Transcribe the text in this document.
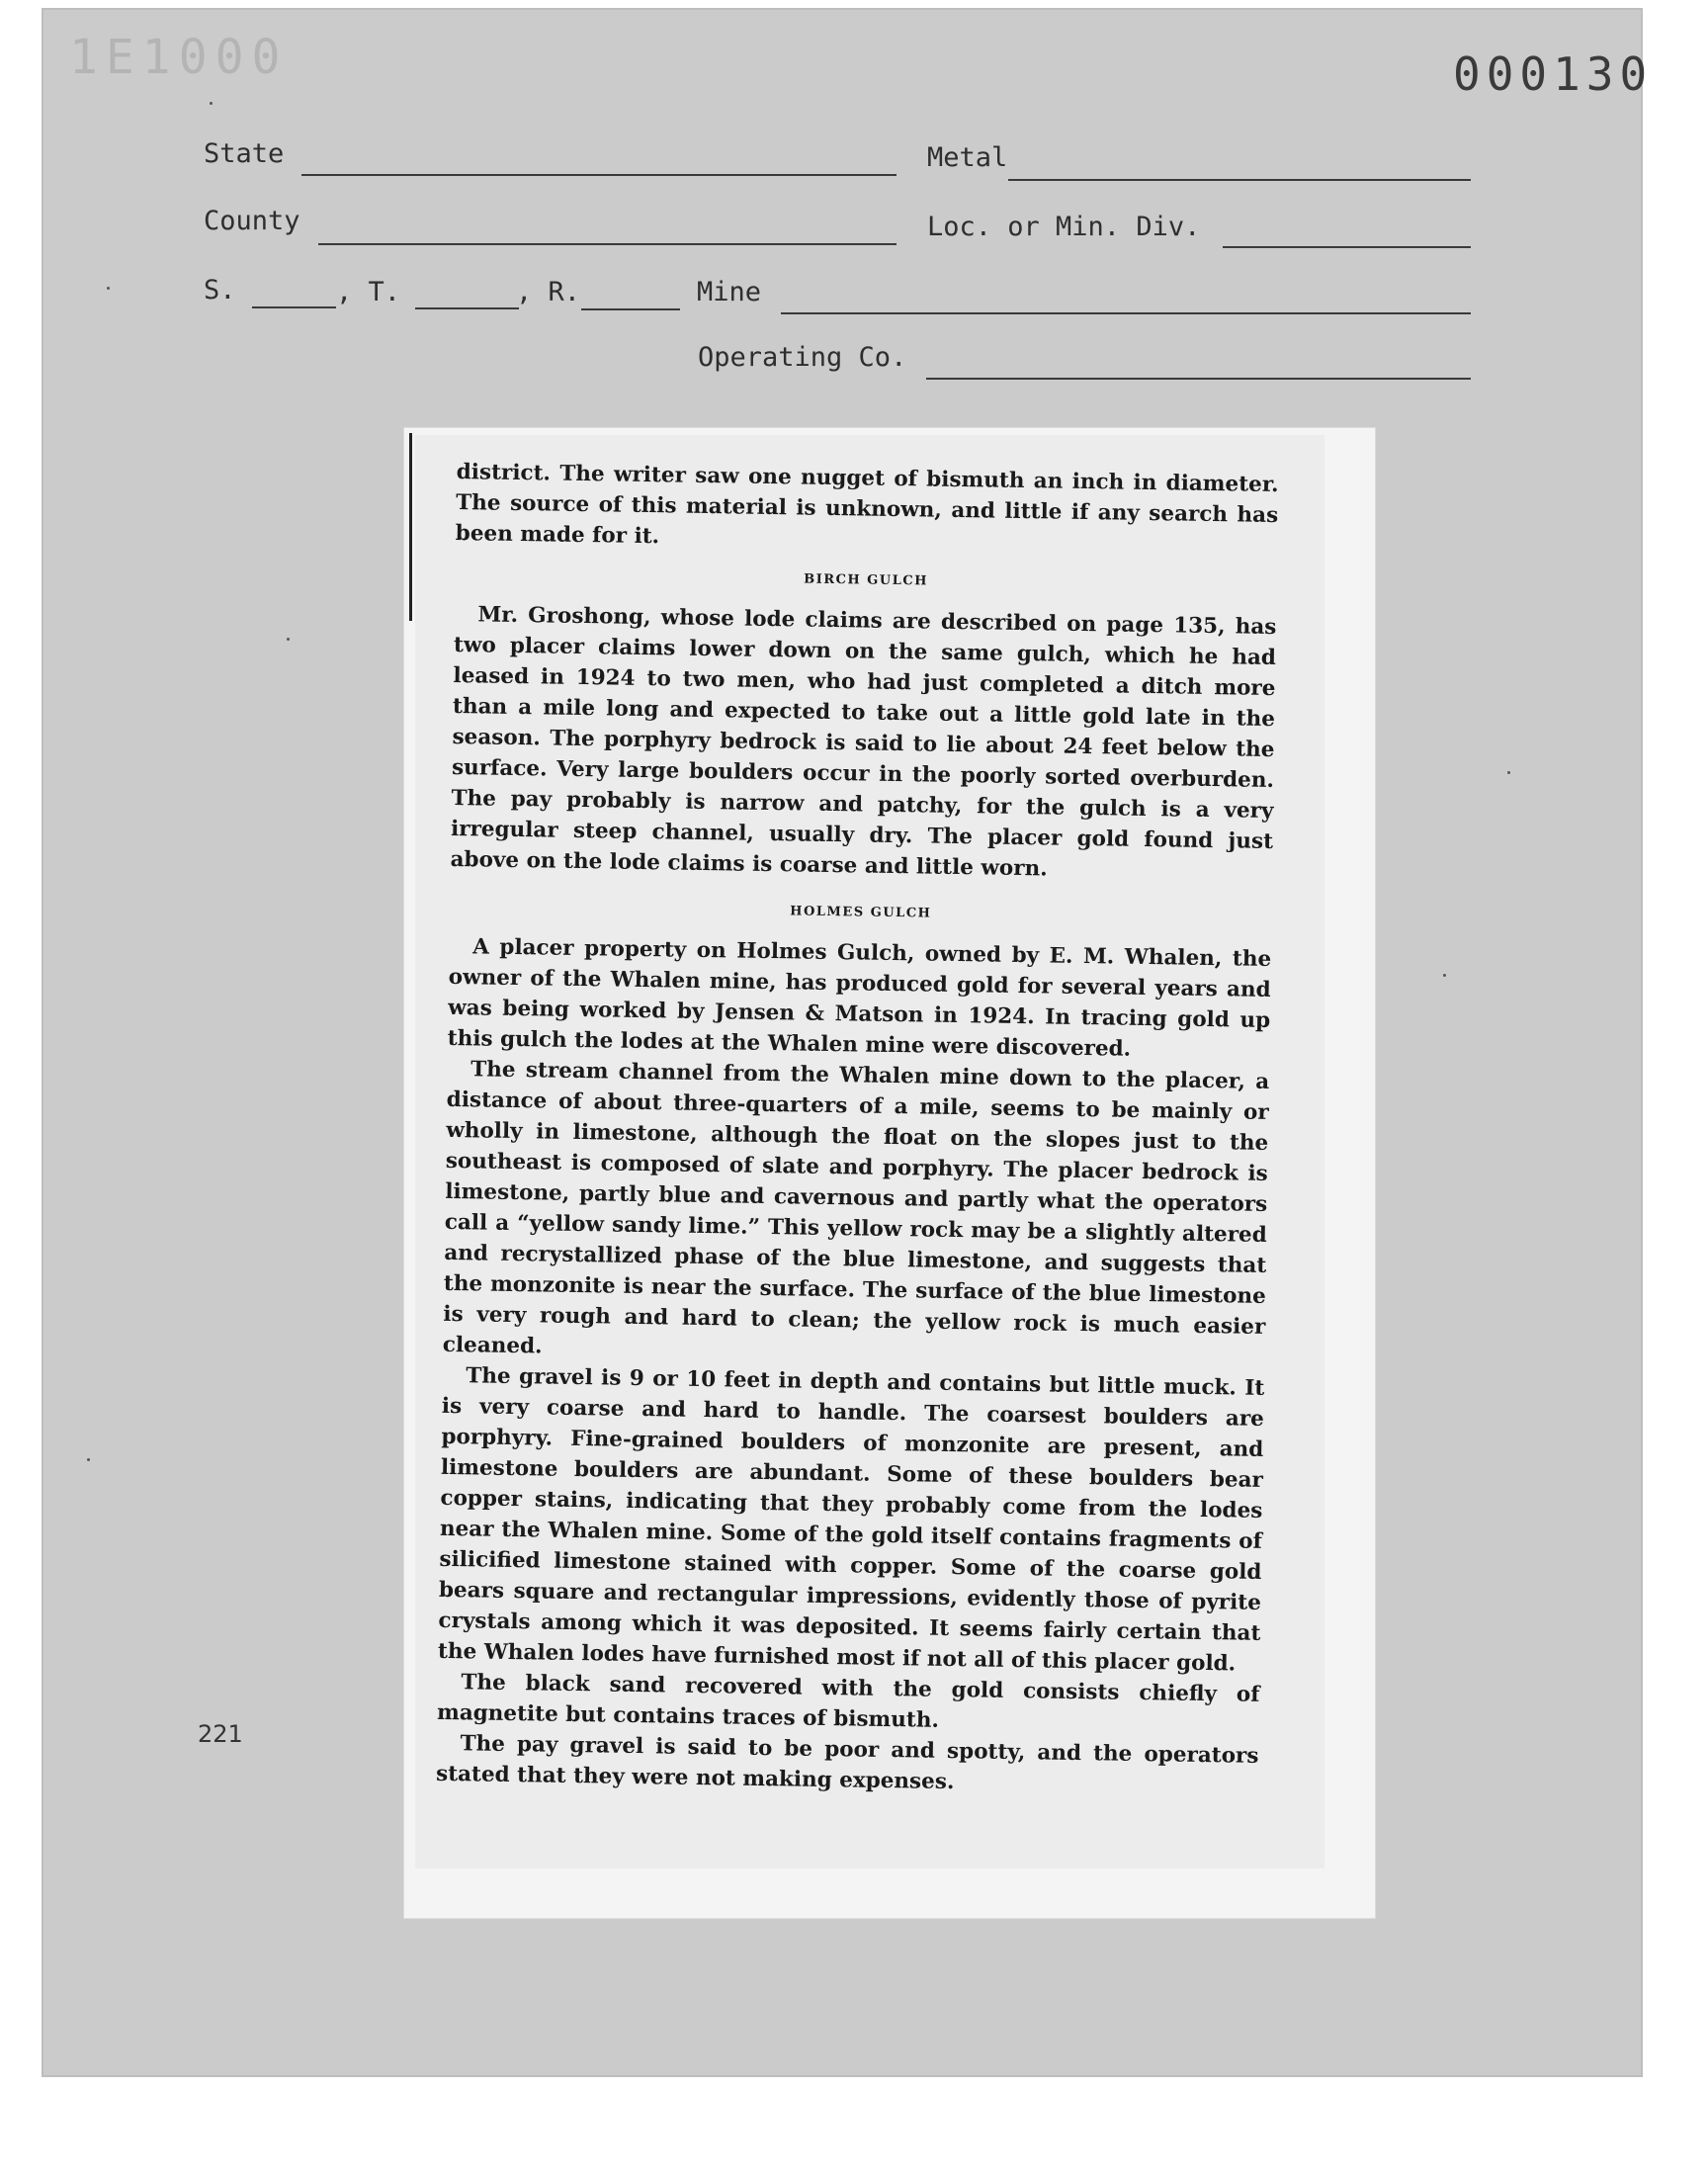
1E1000	000130
State	Metal
County	Loc. or Min. Div.
S.	, T.	, R.	Mine
Operating Co.

district. The writer saw one nugget of bismuth an inch in diameter. The source of this material is unknown, and little if any search has been made for it.

BIRCH GULCH

Mr. Groshong, whose lode claims are described on page 135, has two placer claims lower down on the same gulch, which he had leased in 1924 to two men, who had just completed a ditch more than a mile long and expected to take out a little gold late in the season. The porphyry bedrock is said to lie about 24 feet below the surface. Very large boulders occur in the poorly sorted overburden. The pay probably is narrow and patchy, for the gulch is a very irregular steep channel, usually dry. The placer gold found just above on the lode claims is coarse and little worn.

HOLMES GULCH

A placer property on Holmes Gulch, owned by E. M. Whalen, the owner of the Whalen mine, has produced gold for several years and was being worked by Jensen & Matson in 1924. In tracing gold up this gulch the lodes at the Whalen mine were discovered.

The stream channel from the Whalen mine down to the placer, a distance of about three-quarters of a mile, seems to be mainly or wholly in limestone, although the float on the slopes just to the southeast is composed of slate and porphyry. The placer bedrock is limestone, partly blue and cavernous and partly what the operators call a “yellow sandy lime.” This yellow rock may be a slightly altered and recrystallized phase of the blue limestone, and suggests that the monzonite is near the surface. The surface of the blue limestone is very rough and hard to clean; the yellow rock is much easier cleaned.

The gravel is 9 or 10 feet in depth and contains but little muck. It is very coarse and hard to handle. The coarsest boulders are porphyry. Fine-grained boulders of monzonite are present, and limestone boulders are abundant. Some of these boulders bear copper stains, indicating that they probably come from the lodes near the Whalen mine. Some of the gold itself contains fragments of silicified limestone stained with copper. Some of the coarse gold bears square and rectangular impressions, evidently those of pyrite crystals among which it was deposited. It seems fairly certain that the Whalen lodes have furnished most if not all of this placer gold.

The black sand recovered with the gold consists chiefly of magnetite but contains traces of bismuth.

The pay gravel is said to be poor and spotty, and the operators stated that they were not making expenses.

221
